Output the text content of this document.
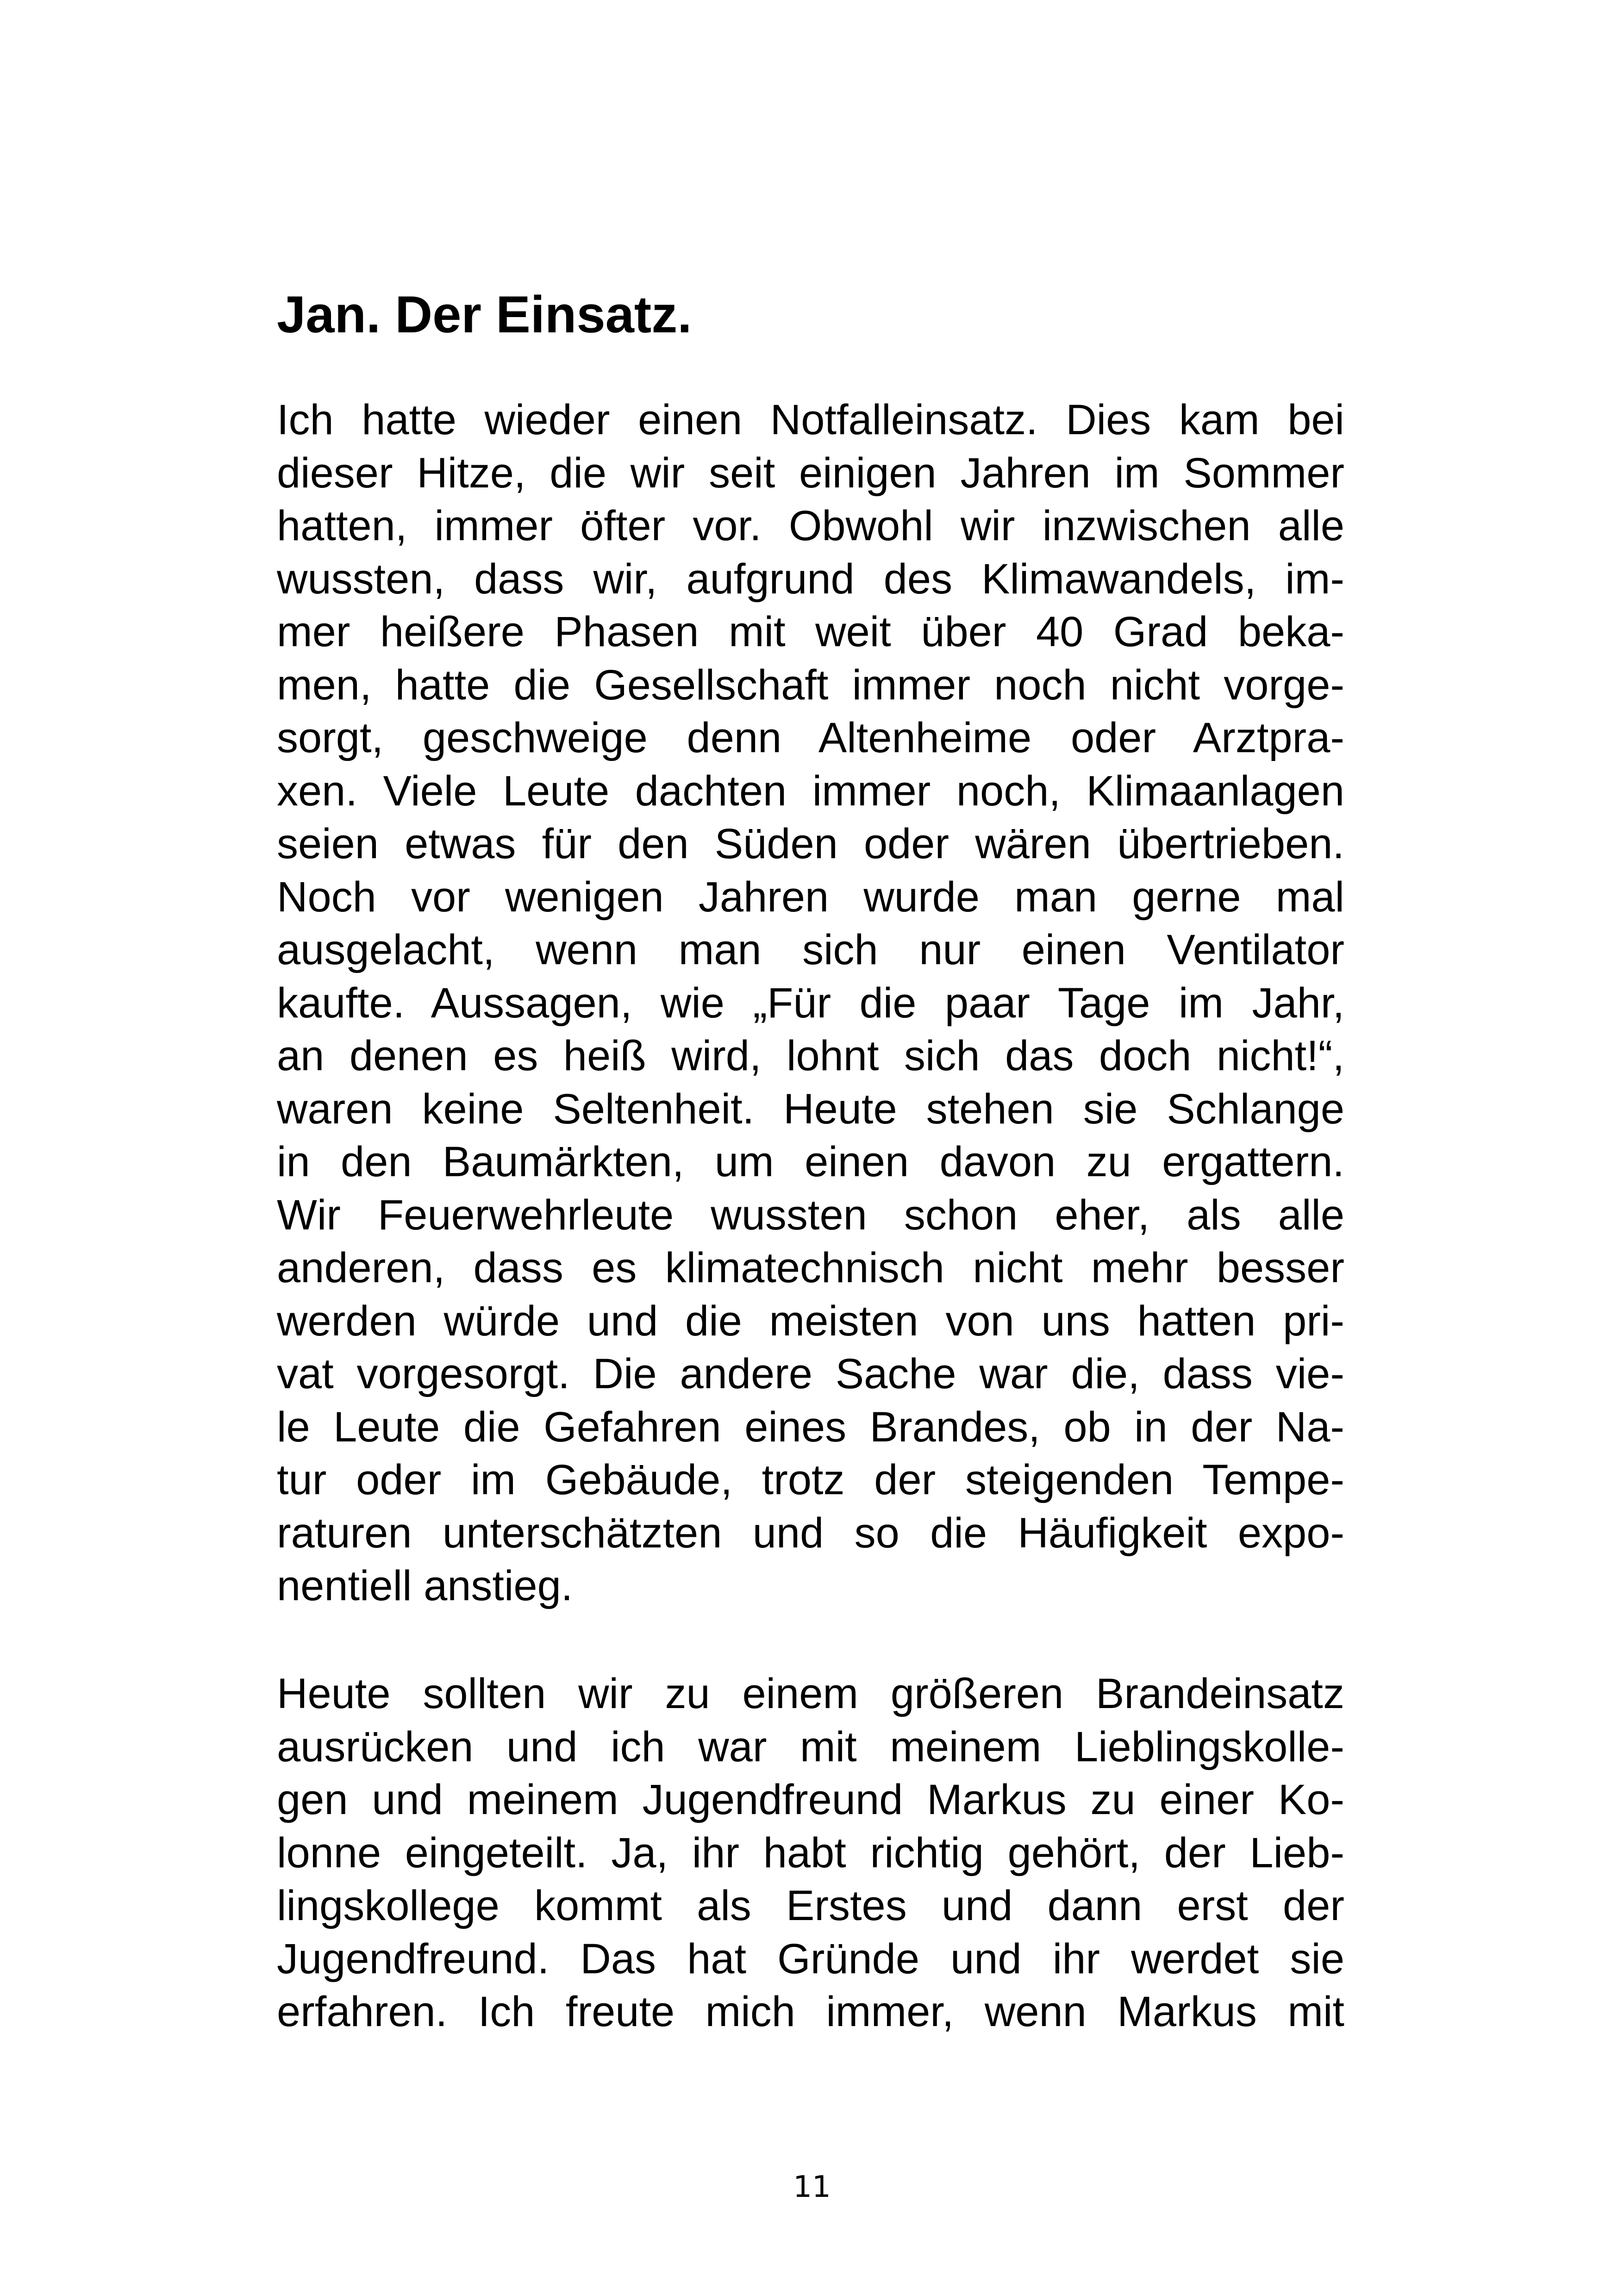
Jan. Der Einsatz.
Ich hatte wieder einen Notfalleinsatz. Dies kam bei
dieser Hitze, die wir seit einigen Jahren im Sommer
hatten, immer öfter vor. Obwohl wir inzwischen alle
wussten, dass wir, aufgrund des Klimawandels, im-
mer heißere Phasen mit weit über 40 Grad beka-
men, hatte die Gesellschaft immer noch nicht vorge-
sorgt, geschweige denn Altenheime oder Arztpra-
xen. Viele Leute dachten immer noch, Klimaanlagen
seien etwas für den Süden oder wären übertrieben.
Noch vor wenigen Jahren wurde man gerne mal
ausgelacht, wenn man sich nur einen Ventilator
kaufte. Aussagen, wie „Für die paar Tage im Jahr,
an denen es heiß wird, lohnt sich das doch nicht!“,
waren keine Seltenheit. Heute stehen sie Schlange
in den Baumärkten, um einen davon zu ergattern.
Wir Feuerwehrleute wussten schon eher, als alle
anderen, dass es klimatechnisch nicht mehr besser
werden würde und die meisten von uns hatten pri-
vat vorgesorgt. Die andere Sache war die, dass vie-
le Leute die Gefahren eines Brandes, ob in der Na-
tur oder im Gebäude, trotz der steigenden Tempe-
raturen unterschätzten und so die Häufigkeit expo-
nentiell anstieg.
Heute sollten wir zu einem größeren Brandeinsatz
ausrücken und ich war mit meinem Lieblingskolle-
gen und meinem Jugendfreund Markus zu einer Ko-
lonne eingeteilt. Ja, ihr habt richtig gehört, der Lieb-
lingskollege kommt als Erstes und dann erst der
Jugendfreund. Das hat Gründe und ihr werdet sie
erfahren. Ich freute mich immer, wenn Markus mit
11
